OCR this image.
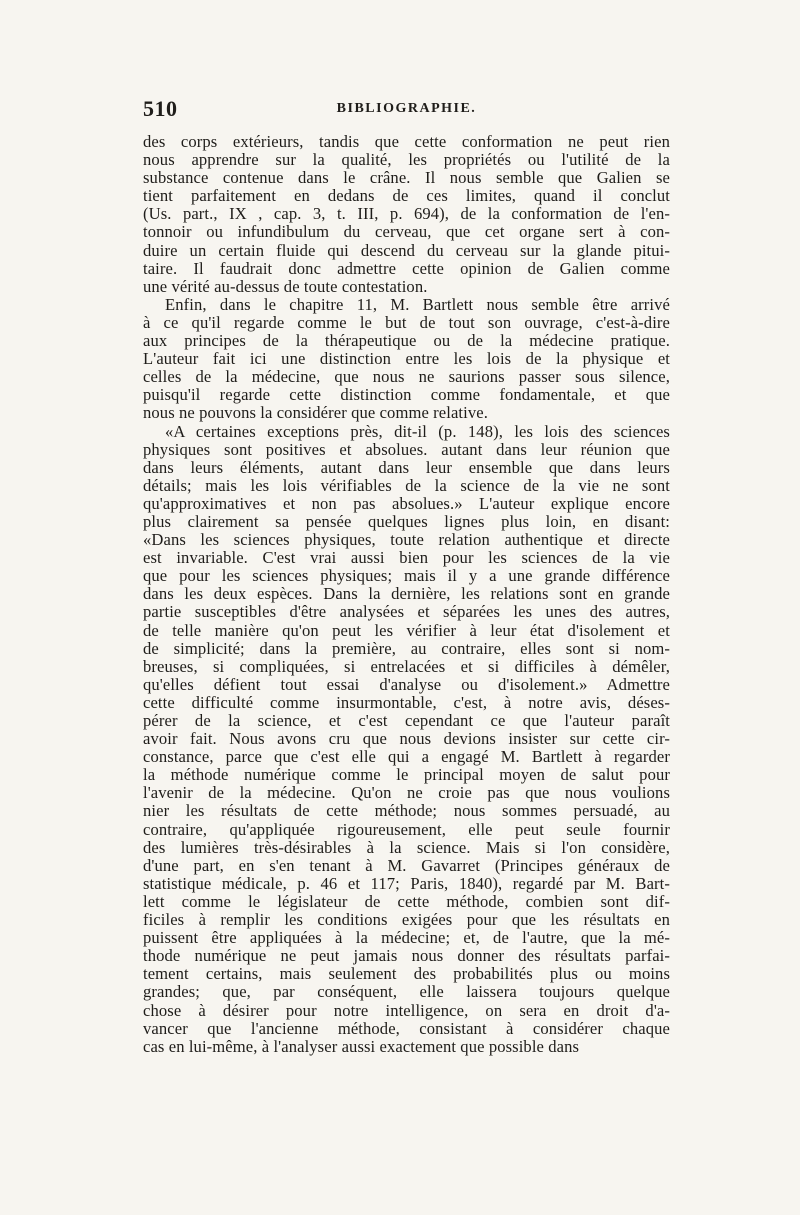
510	BIBLIOGRAPHIE.
des corps extérieurs, tandis que cette conformation ne peut rien
nous apprendre sur la qualité, les propriétés ou l'utilité de la
substance contenue dans le crâne. Il nous semble que Galien se
tient parfaitement en dedans de ces limites, quand il conclut
(Us. part., IX , cap. 3, t. III, p. 694), de la conformation de l'en-
tonnoir ou infundibulum du cerveau, que cet organe sert à con-
duire un certain fluide qui descend du cerveau sur la glande pitui-
taire. Il faudrait donc admettre cette opinion de Galien comme
une vérité au-dessus de toute contestation.
Enfin, dans le chapitre 11, M. Bartlett nous semble être arrivé
à ce qu'il regarde comme le but de tout son ouvrage, c'est-à-dire
aux principes de la thérapeutique ou de la médecine pratique.
L'auteur fait ici une distinction entre les lois de la physique et
celles de la médecine, que nous ne saurions passer sous silence,
puisqu'il regarde cette distinction comme fondamentale, et que
nous ne pouvons la considérer que comme relative.
«A certaines exceptions près, dit-il (p. 148), les lois des sciences
physiques sont positives et absolues. autant dans leur réunion que
dans leurs éléments, autant dans leur ensemble que dans leurs
détails; mais les lois vérifiables de la science de la vie ne sont
qu'approximatives et non pas absolues.» L'auteur explique encore
plus clairement sa pensée quelques lignes plus loin, en disant:
«Dans les sciences physiques, toute relation authentique et directe
est invariable. C'est vrai aussi bien pour les sciences de la vie
que pour les sciences physiques; mais il y a une grande différence
dans les deux espèces. Dans la dernière, les relations sont en grande
partie susceptibles d'être analysées et séparées les unes des autres,
de telle manière qu'on peut les vérifier à leur état d'isolement et
de simplicité; dans la première, au contraire, elles sont si nom-
breuses, si compliquées, si entrelacées et si difficiles à démêler,
qu'elles défient tout essai d'analyse ou d'isolement.» Admettre
cette difficulté comme insurmontable, c'est, à notre avis, déses-
pérer de la science, et c'est cependant ce que l'auteur paraît
avoir fait. Nous avons cru que nous devions insister sur cette cir-
constance, parce que c'est elle qui a engagé M. Bartlett à regarder
la méthode numérique comme le principal moyen de salut pour
l'avenir de la médecine. Qu'on ne croie pas que nous voulions
nier les résultats de cette méthode; nous sommes persuadé, au
contraire, qu'appliquée rigoureusement, elle peut seule fournir
des lumières très-désirables à la science. Mais si l'on considère,
d'une part, en s'en tenant à M. Gavarret (Principes généraux de
statistique médicale, p. 46 et 117; Paris, 1840), regardé par M. Bart-
lett comme le législateur de cette méthode, combien sont dif-
ficiles à remplir les conditions exigées pour que les résultats en
puissent être appliquées à la médecine; et, de l'autre, que la mé-
thode numérique ne peut jamais nous donner des résultats parfai-
tement certains, mais seulement des probabilités plus ou moins
grandes; que, par conséquent, elle laissera toujours quelque
chose à désirer pour notre intelligence, on sera en droit d'a-
vancer que l'ancienne méthode, consistant à considérer chaque
cas en lui-même, à l'analyser aussi exactement que possible dans
